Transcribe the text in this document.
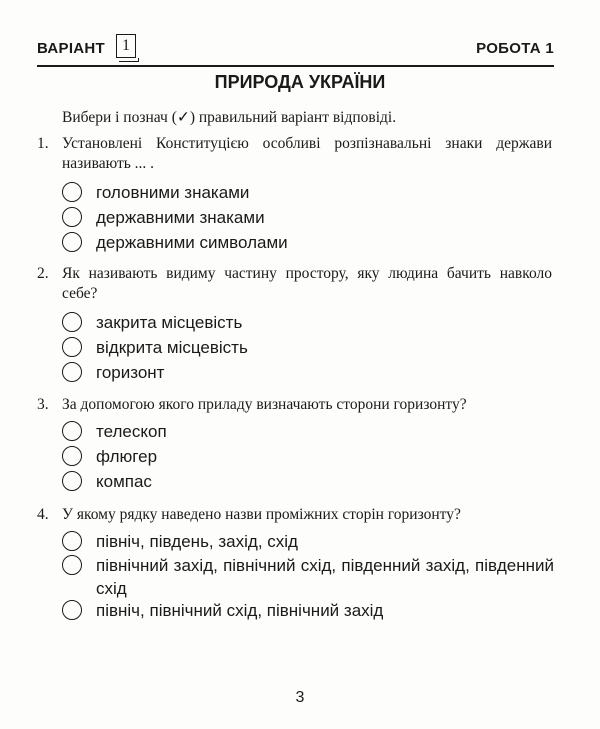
ВАРІАНТ	1	РОБОТА 1
ПРИРОДА УКРАЇНИ
Вибери і познач (✓) правильний варіант відповіді.
1. Установлені Конституцією особливі розпізнавальні знаки держави називають ... .
головними знаками
державними знаками
державними символами
2. Як називають видиму частину простору, яку людина бачить навколо себе?
закрита місцевість
відкрита місцевість
горизонт
3. За допомогою якого приладу визначають сторони горизонту?
телескоп
флюгер
компас
4. У якому рядку наведено назви проміжних сторін горизонту?
північ, південь, захід, схід
північний захід, північний схід, південний захід, південний схід
північ, північний схід, північний захід
3
